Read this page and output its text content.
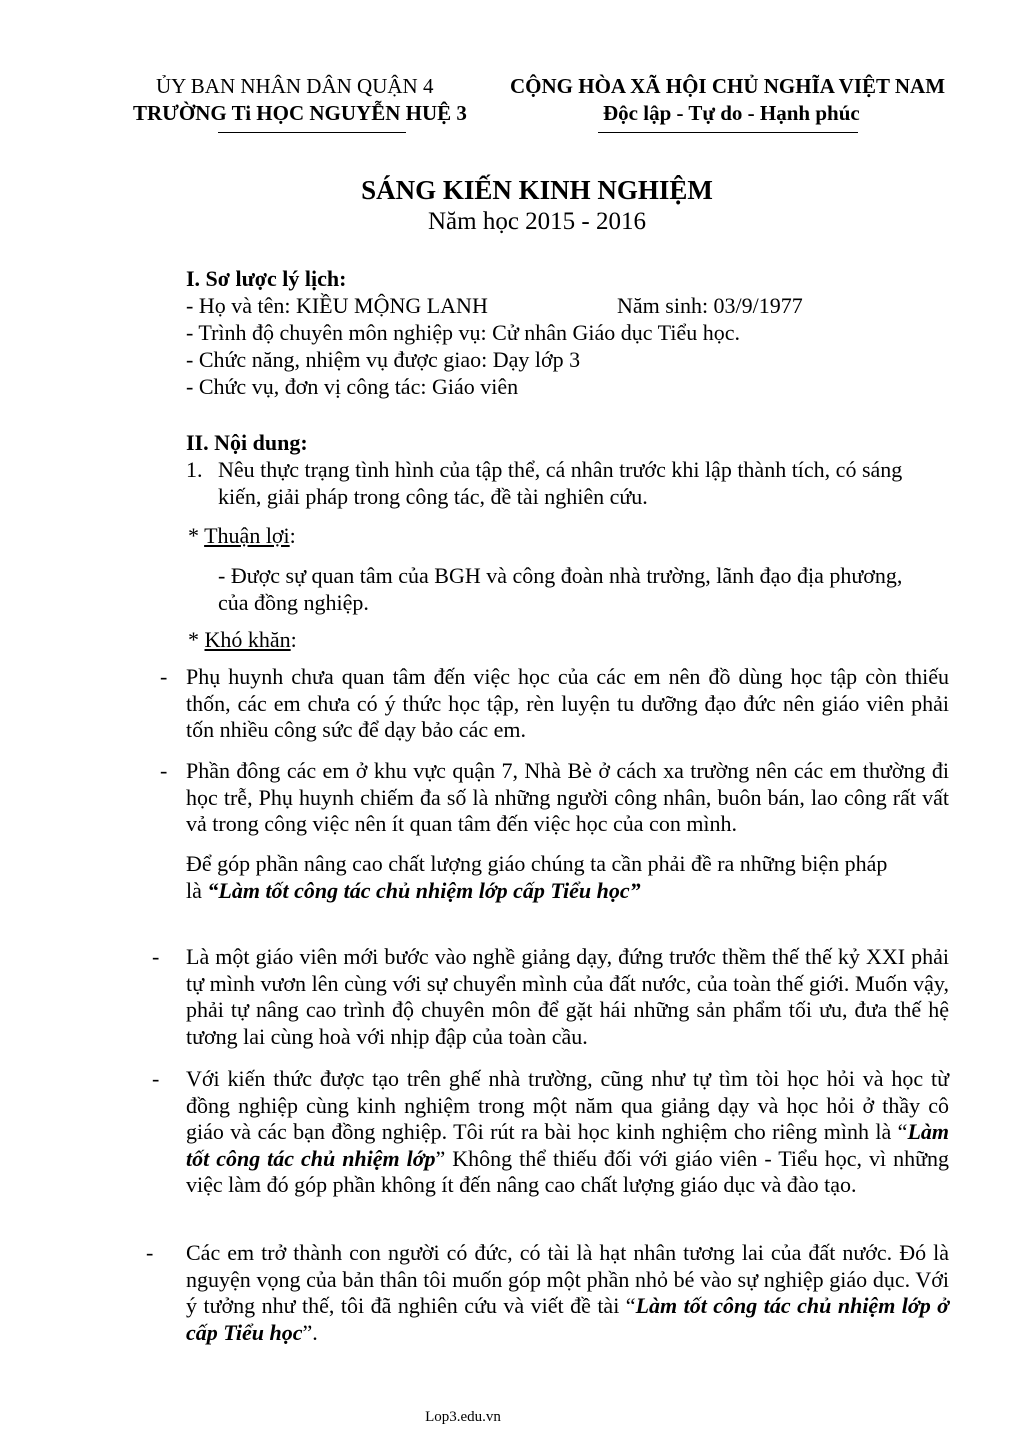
ỦY BAN NHÂN DÂN QUẬN 4
TRƯỜNG Ti HỌC NGUYỄN HUỆ 3
CỘNG HÒA XÃ HỘI CHỦ NGHĨA VIỆT NAM
Độc lập - Tự do - Hạnh phúc
SÁNG KIẾN KINH NGHIỆM
Năm học 2015 - 2016
I. Sơ lược lý lịch:
- Họ và tên: KIỀU MỘNG LANH	Năm sinh: 03/9/1977
- Trình độ chuyên môn nghiệp vụ: Cử nhân Giáo dục Tiểu học.
- Chức năng, nhiệm vụ được giao: Dạy lớp 3
- Chức vụ, đơn vị công tác: Giáo viên
II. Nội dung:
1. Nêu thực trạng tình hình của tập thể, cá nhân trước khi lập thành tích, có sáng
kiến, giải pháp trong công tác, đề tài nghiên cứu.
* Thuận lợi:
- Được sự quan tâm của BGH và công đoàn nhà trường, lãnh đạo địa phương,
của đồng nghiệp.
* Khó khăn:
- Phụ huynh chưa quan tâm đến việc học của các em nên đồ dùng học tập còn thiếu thốn, các em chưa có ý thức học tập, rèn luyện tu dưỡng đạo đức nên giáo viên phải tốn nhiều công sức để dạy bảo các em.
- Phần đông các em ở khu vực quận 7, Nhà Bè ở cách xa trường nên các em thường đi học trễ, Phụ huynh chiếm đa số là những người công nhân, buôn bán, lao công rất vất vả trong công việc nên ít quan tâm đến việc học của con mình.
Để góp phần nâng cao chất lượng giáo chúng ta cần phải đề ra những biện pháp
là “Làm tốt công tác chủ nhiệm lớp cấp Tiểu học”
- Là một giáo viên mới bước vào nghề giảng dạy, đứng trước thềm thế thế kỷ XXI phải tự mình vươn lên cùng với sự chuyển mình của đất nước, của toàn thế giới. Muốn vậy, phải tự nâng cao trình độ chuyên môn để gặt hái những sản phẩm tối ưu, đưa thế hệ tương lai cùng hoà với nhịp đập của toàn cầu.
- Với kiến thức được tạo trên ghế nhà trường, cũng như tự tìm tòi học hỏi và học từ đồng nghiệp cùng kinh nghiệm trong một năm qua giảng dạy và học hỏi ở thầy cô giáo và các bạn đồng nghiệp. Tôi rút ra bài học kinh nghiệm cho riêng mình là “Làm tốt công tác chủ nhiệm lớp” Không thể thiếu đối với giáo viên - Tiểu học, vì những việc làm đó góp phần không ít đến nâng cao chất lượng giáo dục và đào tạo.
- Các em trở thành con người có đức, có tài là hạt nhân tương lai của đất nước. Đó là nguyện vọng của bản thân tôi muốn góp một phần nhỏ bé vào sự nghiệp giáo dục. Với ý tưởng như thế, tôi đã nghiên cứu và viết đề tài “Làm tốt công tác chủ nhiệm lớp ở cấp Tiểu học”.
Lop3.edu.vn
